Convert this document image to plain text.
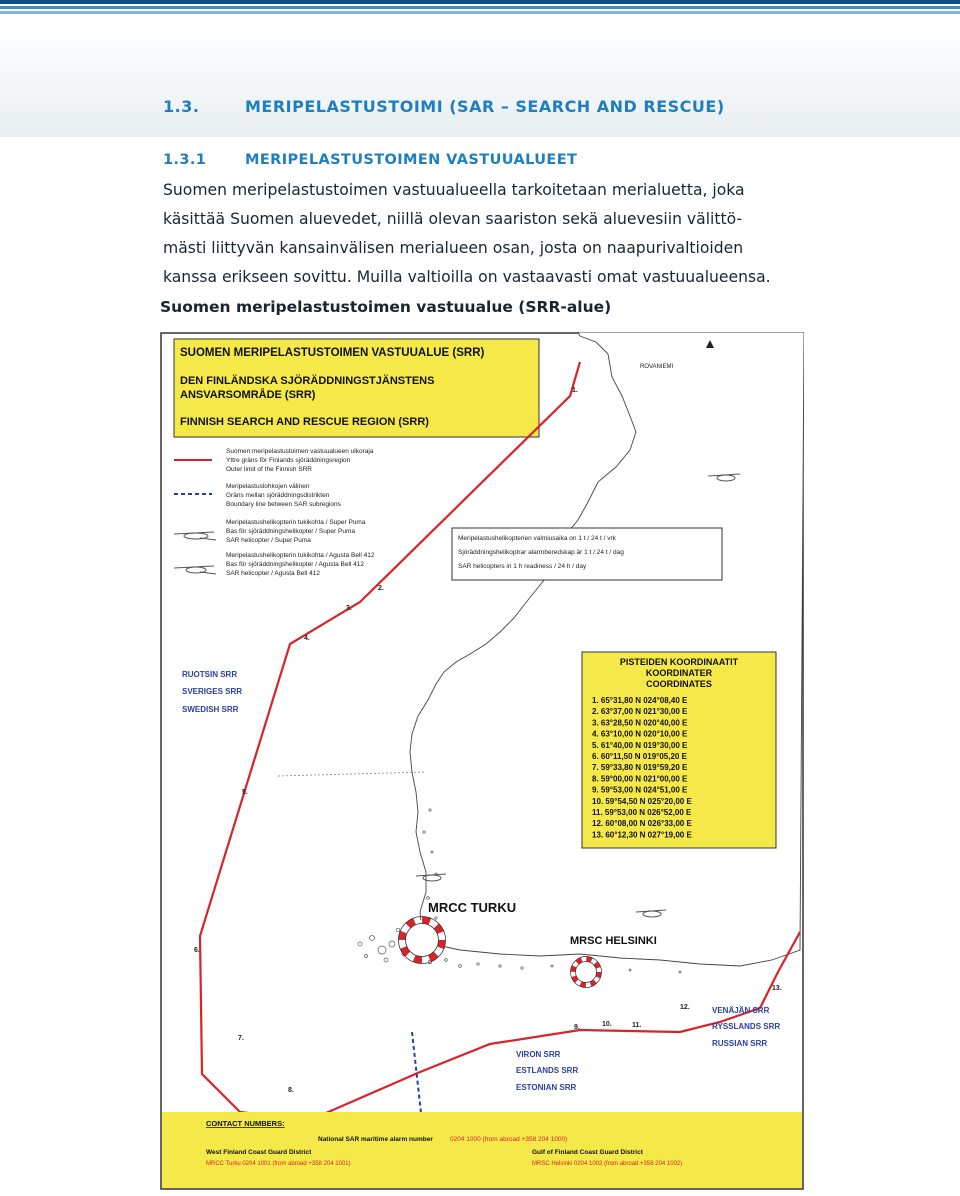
1.3.	MERIPELASTUSTOIMI (SAR – SEARCH AND RESCUE)
1.3.1	MERIPELASTUSTOIMEN VASTUUALUEET

Suomen meripelastustoimen vastuualueella tarkoitetaan merialuetta, joka
käsittää Suomen aluevedet, niillä olevan saariston sekä aluevesiin välittö-
mästi liittyvän kansainvälisen merialueen osan, josta on naapurivaltioiden
kanssa erikseen sovittu. Muilla valtioilla on vastaavasti omat vastuualueensa.

Suomen meripelastustoimen vastuualue (SRR-alue)
SUOMEN MERIPELASTUSTOIMEN VASTUUALUE (SRR)
DEN FINLÄNDSKA SJÖRÄDDNINGSTJÄNSTENS
ANSVARSOMRÅDE (SRR)
FINNISH SEARCH AND RESCUE REGION (SRR)
ROVANIEMI
Suomen meripelastustoimen vastuualueen ulkoraja
Yttre gräns för Finlands sjöräddningsregion
Outer limit of the Finnish SRR
Meripelastuslohkojen välinen
Gräns mellan sjöräddningsdistrikten
Boundary line between SAR subregions
Meripelastushelikopterin tukikohta / Super Puma
Bas för sjöräddningshelikopter / Super Puma
SAR helicopter / Super Puma
Meripelastushelikopterin tukikohta / Agusta Bell 412
Bas för sjöräddningshelikopter / Agusta Bell 412
SAR helicopter / Agusta Bell 412
Meripelastushelikopterien valmiusaika on 1 t / 24 t / vrk
Sjöräddningshelikoptrar alarmberedskap är 1 t / 24 t / dag
SAR helicopters in 1 h readiness / 24 h / day
PISTEIDEN KOORDINAATIT
KOORDINATER
COORDINATES
1. 65°31,80 N 024°08,40 E
2. 63°37,00 N 021°30,00 E
3. 63°28,50 N 020°40,00 E
4. 63°10,00 N 020°10,00 E
5. 61°40,00 N 019°30,00 E
6. 60°11,50 N 019°05,20 E
7. 59°33,80 N 019°59,20 E
8. 59°00,00 N 021°00,00 E
9. 59°53,00 N 024°51,00 E
10. 59°54,50 N 025°20,00 E
11. 59°53,00 N 026°52,00 E
12. 60°08,00 N 026°33,00 E
13. 60°12,30 N 027°19,00 E
RUOTSIN SRR
SVERIGES SRR
SWEDISH SRR
VIRON SRR
ESTLANDS SRR
ESTONIAN SRR
VENÄJÄN SRR
RYSSLANDS SRR
RUSSIAN SRR
MRCC TURKU
MRSC HELSINKI
1.
2.
3.
4.
5.
6.
7.
8.
9.	10.	11.
12.
13.
CONTACT NUMBERS:
National SAR maritime alarm number	0204 1000 (from abroad +358 204 1000)
West Finland Coast Guard District
MRCC Turku 0204 1001 (from abroad +358 204 1001)
Gulf of Finland Coast Guard District
MRSC Helsinki 0204 1002 (from abroad +358 204 1002)
